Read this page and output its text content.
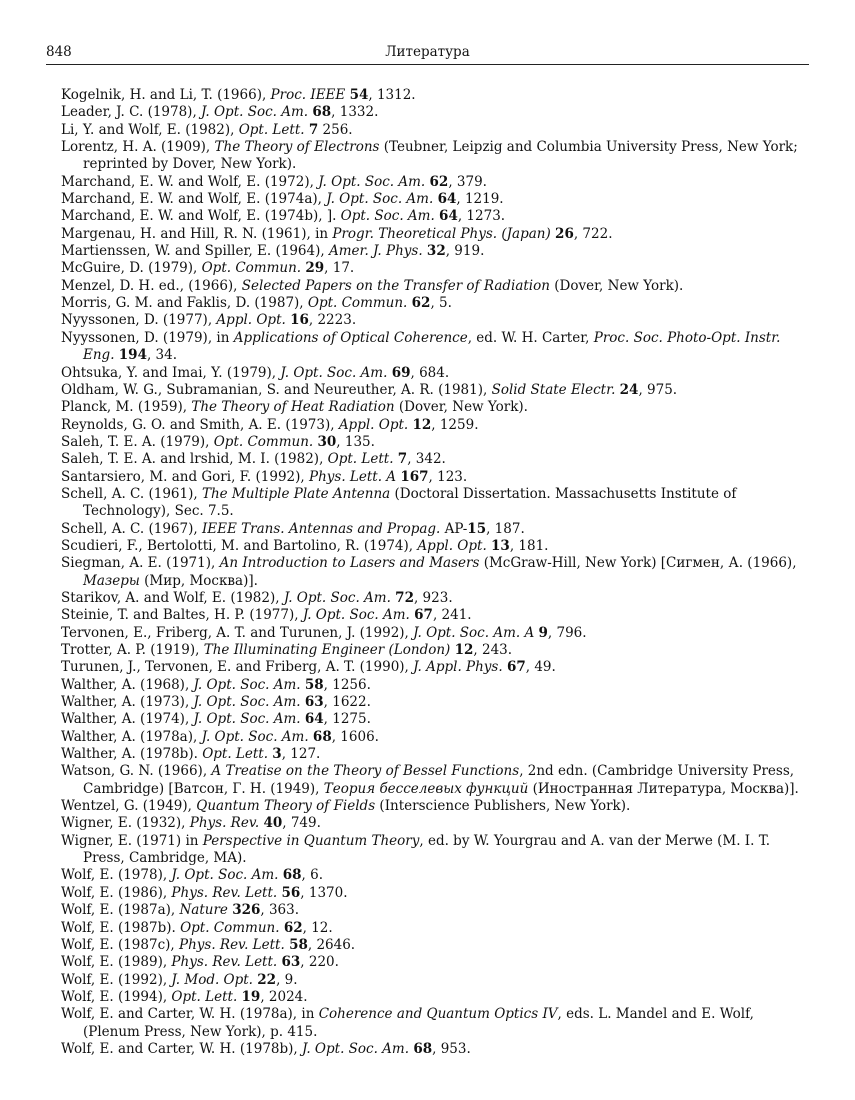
848	Литература
Kogelnik, H. and Li, T. (1966), Proc. IEEE 54, 1312.
Leader, J. C. (1978), J. Opt. Soc. Am. 68, 1332.
Li, Y. and Wolf, E. (1982), Opt. Lett. 7 256.
Lorentz, H. A. (1909), The Theory of Electrons (Teubner, Leipzig and Columbia University Press, New York; reprinted by Dover, New York).
Marchand, E. W. and Wolf, E. (1972), J. Opt. Soc. Am. 62, 379.
Marchand, E. W. and Wolf, E. (1974a), J. Opt. Soc. Am. 64, 1219.
Marchand, E. W. and Wolf, E. (1974b), ]. Opt. Soc. Am. 64, 1273.
Margenau, H. and Hill, R. N. (1961), in Progr. Theoretical Phys. (Japan) 26, 722.
Martienssen, W. and Spiller, E. (1964), Amer. J. Phys. 32, 919.
McGuire, D. (1979), Opt. Commun. 29, 17.
Menzel, D. H. ed., (1966), Selected Papers on the Transfer of Radiation (Dover, New York).
Morris, G. M. and Faklis, D. (1987), Opt. Commun. 62, 5.
Nyyssonen, D. (1977), Appl. Opt. 16, 2223.
Nyyssonen, D. (1979), in Applications of Optical Coherence, ed. W. H. Carter, Proc. Soc. Photo-Opt. Instr. Eng. 194, 34.
Ohtsuka, Y. and Imai, Y. (1979), J. Opt. Soc. Am. 69, 684.
Oldham, W. G., Subramanian, S. and Neureuther, A. R. (1981), Solid State Electr. 24, 975.
Planck, M. (1959), The Theory of Heat Radiation (Dover, New York).
Reynolds, G. O. and Smith, A. E. (1973), Appl. Opt. 12, 1259.
Saleh, T. E. A. (1979), Opt. Commun. 30, 135.
Saleh, T. E. A. and lrshid, M. I. (1982), Opt. Lett. 7, 342.
Santarsiero, M. and Gori, F. (1992), Phys. Lett. A 167, 123.
Schell, A. C. (1961), The Multiple Plate Antenna (Doctoral Dissertation. Massachusetts Institute of Technology), Sec. 7.5.
Schell, A. C. (1967), IEEE Trans. Antennas and Propag. AP-15, 187.
Scudieri, F., Bertolotti, M. and Bartolino, R. (1974), Appl. Opt. 13, 181.
Siegman, A. E. (1971), An Introduction to Lasers and Masers (McGraw-Hill, New York) [Сигмен, А. (1966), Мазеры (Мир, Москва)].
Starikov, A. and Wolf, E. (1982), J. Opt. Soc. Am. 72, 923.
Steinie, T. and Baltes, H. P. (1977), J. Opt. Soc. Am. 67, 241.
Tervonen, E., Friberg, A. T. and Turunen, J. (1992), J. Opt. Soc. Am. A 9, 796.
Trotter, A. P. (1919), The Illuminating Engineer (London) 12, 243.
Turunen, J., Tervonen, E. and Friberg, A. T. (1990), J. Appl. Phys. 67, 49.
Walther, A. (1968), J. Opt. Soc. Am. 58, 1256.
Walther, A. (1973), J. Opt. Soc. Am. 63, 1622.
Walther, A. (1974), J. Opt. Soc. Am. 64, 1275.
Walther, A. (1978a), J. Opt. Soc. Am. 68, 1606.
Walther, A. (1978b). Opt. Lett. 3, 127.
Watson, G. N. (1966), A Treatise on the Theory of Bessel Functions, 2nd edn. (Cambridge University Press, Cambridge) [Ватсон, Г. Н. (1949), Теория бесселевых функций (Иностранная Литература, Москва)].
Wentzel, G. (1949), Quantum Theory of Fields (Interscience Publishers, New York).
Wigner, E. (1932), Phys. Rev. 40, 749.
Wigner, E. (1971) in Perspective in Quantum Theory, ed. by W. Yourgrau and A. van der Merwe (M. I. T. Press, Cambridge, MA).
Wolf, E. (1978), J. Opt. Soc. Am. 68, 6.
Wolf, E. (1986), Phys. Rev. Lett. 56, 1370.
Wolf, E. (1987a), Nature 326, 363.
Wolf, E. (1987b). Opt. Commun. 62, 12.
Wolf, E. (1987c), Phys. Rev. Lett. 58, 2646.
Wolf, E. (1989), Phys. Rev. Lett. 63, 220.
Wolf, E. (1992), J. Mod. Opt. 22, 9.
Wolf, E. (1994), Opt. Lett. 19, 2024.
Wolf, E. and Carter, W. H. (1978a), in Coherence and Quantum Optics IV, eds. L. Mandel and E. Wolf, (Plenum Press, New York), p. 415.
Wolf, E. and Carter, W. H. (1978b), J. Opt. Soc. Am. 68, 953.
